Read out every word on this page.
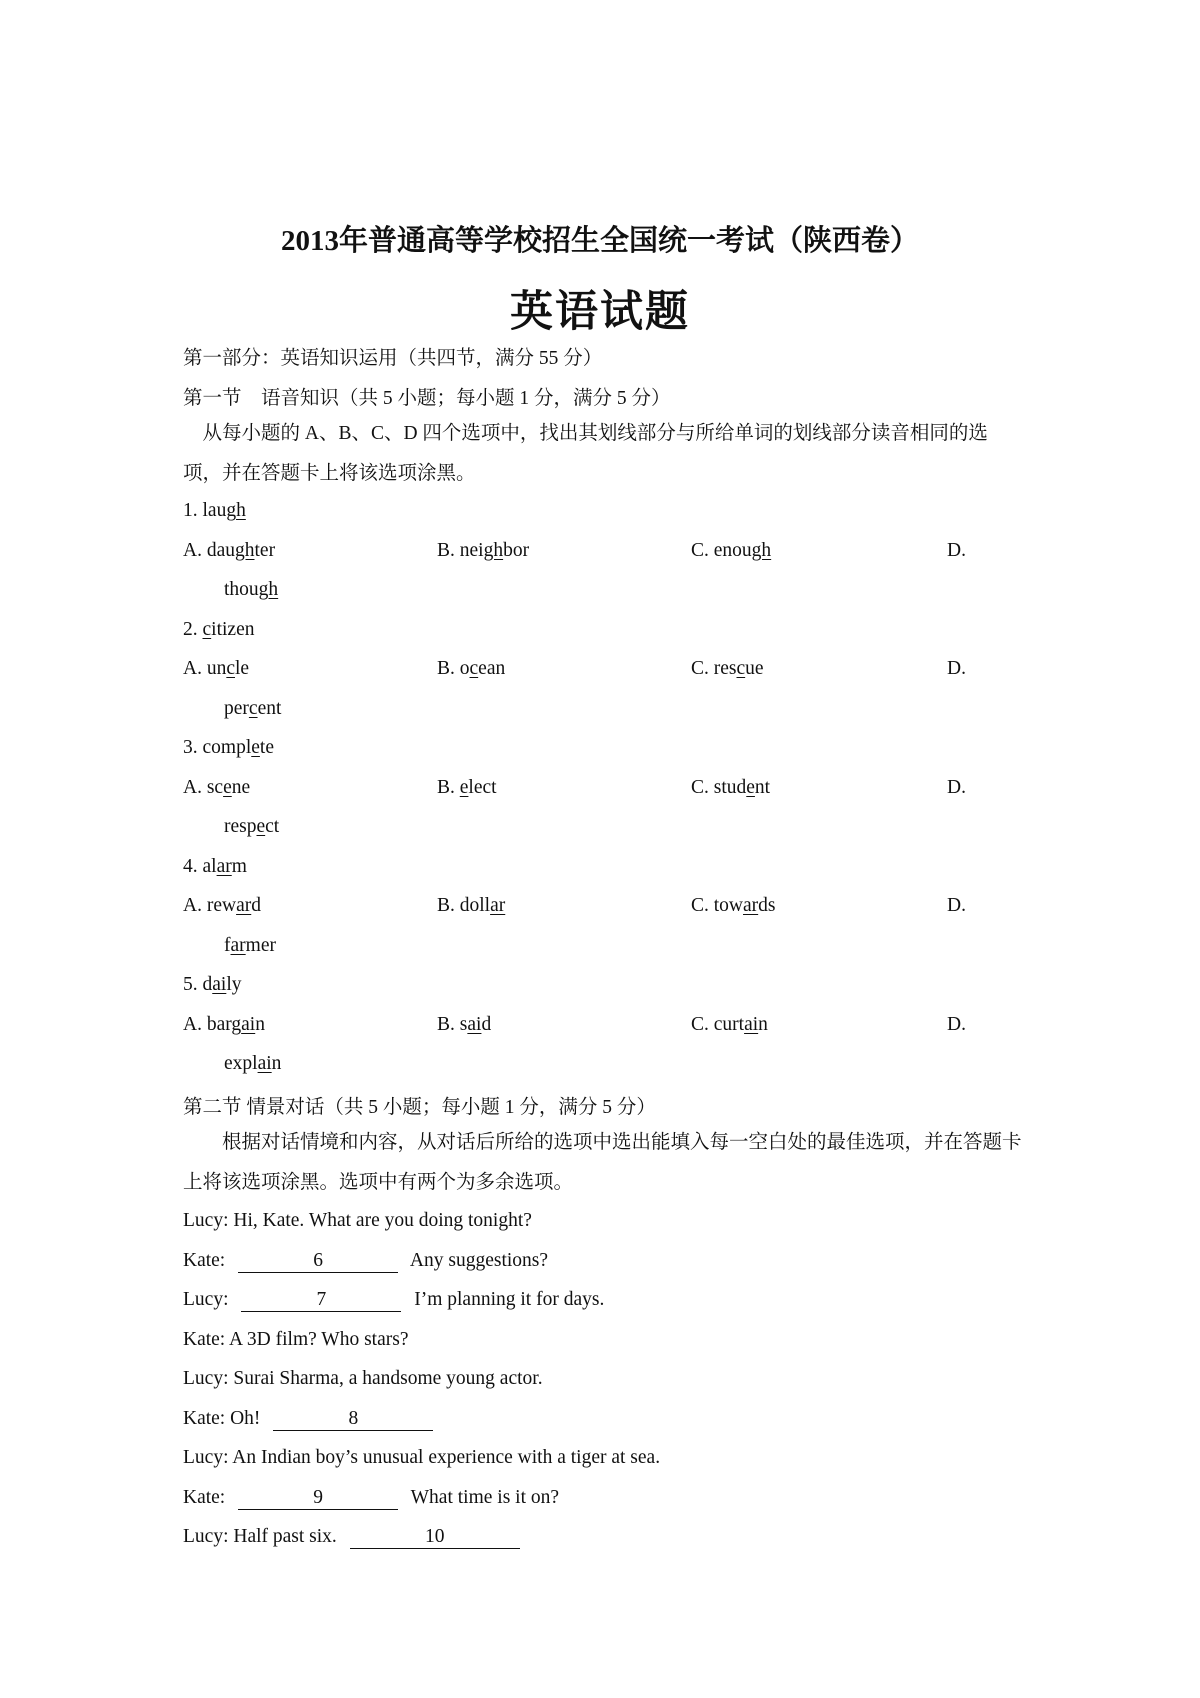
2013年普通高等学校招生全国统一考试（陕西卷）
英语试题
第一部分：英语知识运用（共四节，满分 55 分）
第一节　语音知识（共 5 小题；每小题 1 分，满分 5 分）
　从每小题的 A、B、C、D 四个选项中，找出其划线部分与所给单词的划线部分读音相同的选项，并在答题卡上将该选项涂黑。
1. laugh
A. daughter	B. neighbor	C. enough	D.
though
2. citizen
A. uncle	B. ocean	C. rescue	D.
percent
3. complete
A. scene	B. elect	C. student	D.
respect
4. alarm
A. reward	B. dollar	C. towards	D.
farmer
5. daily
A. bargain	B. said	C. curtain	D.
explain
第二节 情景对话（共 5 小题；每小题 1 分，满分 5 分）
　　根据对话情境和内容，从对话后所给的选项中选出能填入每一空白处的最佳选项，并在答题卡上将该选项涂黑。选项中有两个为多余选项。
Lucy: Hi, Kate. What are you doing tonight?
Kate:	6	Any suggestions?
Lucy:	7	I’m planning it for days.
Kate: A 3D film? Who stars?
Lucy: Surai Sharma, a handsome young actor.
Kate: Oh!	8
Lucy: An Indian boy’s unusual experience with a tiger at sea.
Kate:	9	What time is it on?
Lucy: Half past six.	10
